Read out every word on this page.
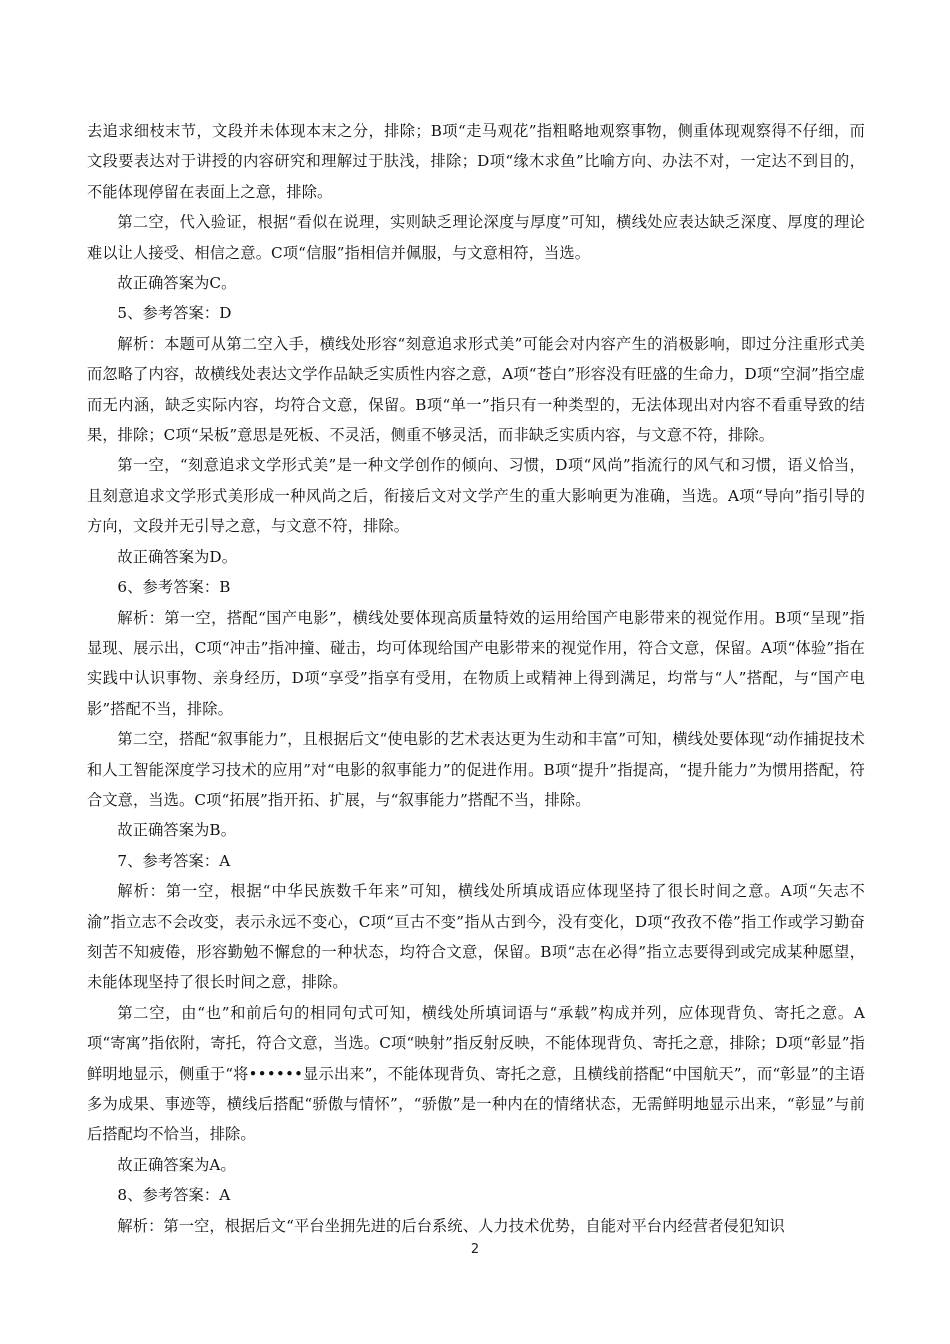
去追求细枝末节，文段并未体现本末之分，排除；B项“走马观花”指粗略地观察事物，侧重体现观察得不仔细，而文段要表达对于讲授的内容研究和理解过于肤浅，排除；D项“缘木求鱼”比喻方向、办法不对，一定达不到目的，不能体现停留在表面上之意，排除。

第二空，代入验证，根据“看似在说理，实则缺乏理论深度与厚度”可知，横线处应表达缺乏深度、厚度的理论难以让人接受、相信之意。C项“信服”指相信并佩服，与文意相符，当选。

故正确答案为C。

5、参考答案：D

解析：本题可从第二空入手，横线处形容“刻意追求形式美”可能会对内容产生的消极影响，即过分注重形式美而忽略了内容，故横线处表达文学作品缺乏实质性内容之意，A项“苍白”形容没有旺盛的生命力，D项“空洞”指空虚而无内涵，缺乏实际内容，均符合文意，保留。B项“单一”指只有一种类型的，无法体现出对内容不看重导致的结果，排除；C项“呆板”意思是死板、不灵活，侧重不够灵活，而非缺乏实质内容，与文意不符，排除。

第一空，“刻意追求文学形式美”是一种文学创作的倾向、习惯，D项“风尚”指流行的风气和习惯，语义恰当，且刻意追求文学形式美形成一种风尚之后，衔接后文对文学产生的重大影响更为准确，当选。A项“导向”指引导的方向，文段并无引导之意，与文意不符，排除。

故正确答案为D。

6、参考答案：B

解析：第一空，搭配“国产电影”，横线处要体现高质量特效的运用给国产电影带来的视觉作用。B项“呈现”指显现、展示出，C项“冲击”指冲撞、碰击，均可体现给国产电影带来的视觉作用，符合文意，保留。A项“体验”指在实践中认识事物、亲身经历，D项“享受”指享有受用，在物质上或精神上得到满足，均常与“人”搭配，与“国产电影”搭配不当，排除。

第二空，搭配“叙事能力”，且根据后文“使电影的艺术表达更为生动和丰富”可知，横线处要体现“动作捕捉技术和人工智能深度学习技术的应用”对“电影的叙事能力”的促进作用。B项“提升”指提高，“提升能力”为惯用搭配，符合文意，当选。C项“拓展”指开拓、扩展，与“叙事能力”搭配不当，排除。

故正确答案为B。

7、参考答案：A

解析：第一空，根据“中华民族数千年来”可知，横线处所填成语应体现坚持了很长时间之意。A项“矢志不渝”指立志不会改变，表示永远不变心，C项“亘古不变”指从古到今，没有变化，D项“孜孜不倦”指工作或学习勤奋刻苦不知疲倦，形容勤勉不懈怠的一种状态，均符合文意，保留。B项“志在必得”指立志要得到或完成某种愿望，未能体现坚持了很长时间之意，排除。

第二空，由“也”和前后句的相同句式可知，横线处所填词语与“承载”构成并列，应体现背负、寄托之意。A项“寄寓”指依附，寄托，符合文意，当选。C项“映射”指反射反映，不能体现背负、寄托之意，排除；D项“彰显”指鲜明地显示，侧重于“将••••••显示出来”，不能体现背负、寄托之意，且横线前搭配“中国航天”，而“彰显”的主语多为成果、事迹等，横线后搭配“骄傲与情怀”，“骄傲”是一种内在的情绪状态，无需鲜明地显示出来，“彰显”与前后搭配均不恰当，排除。

故正确答案为A。

8、参考答案：A

解析：第一空，根据后文“平台坐拥先进的后台系统、人力技术优势，自能对平台内经营者侵犯知识

2
